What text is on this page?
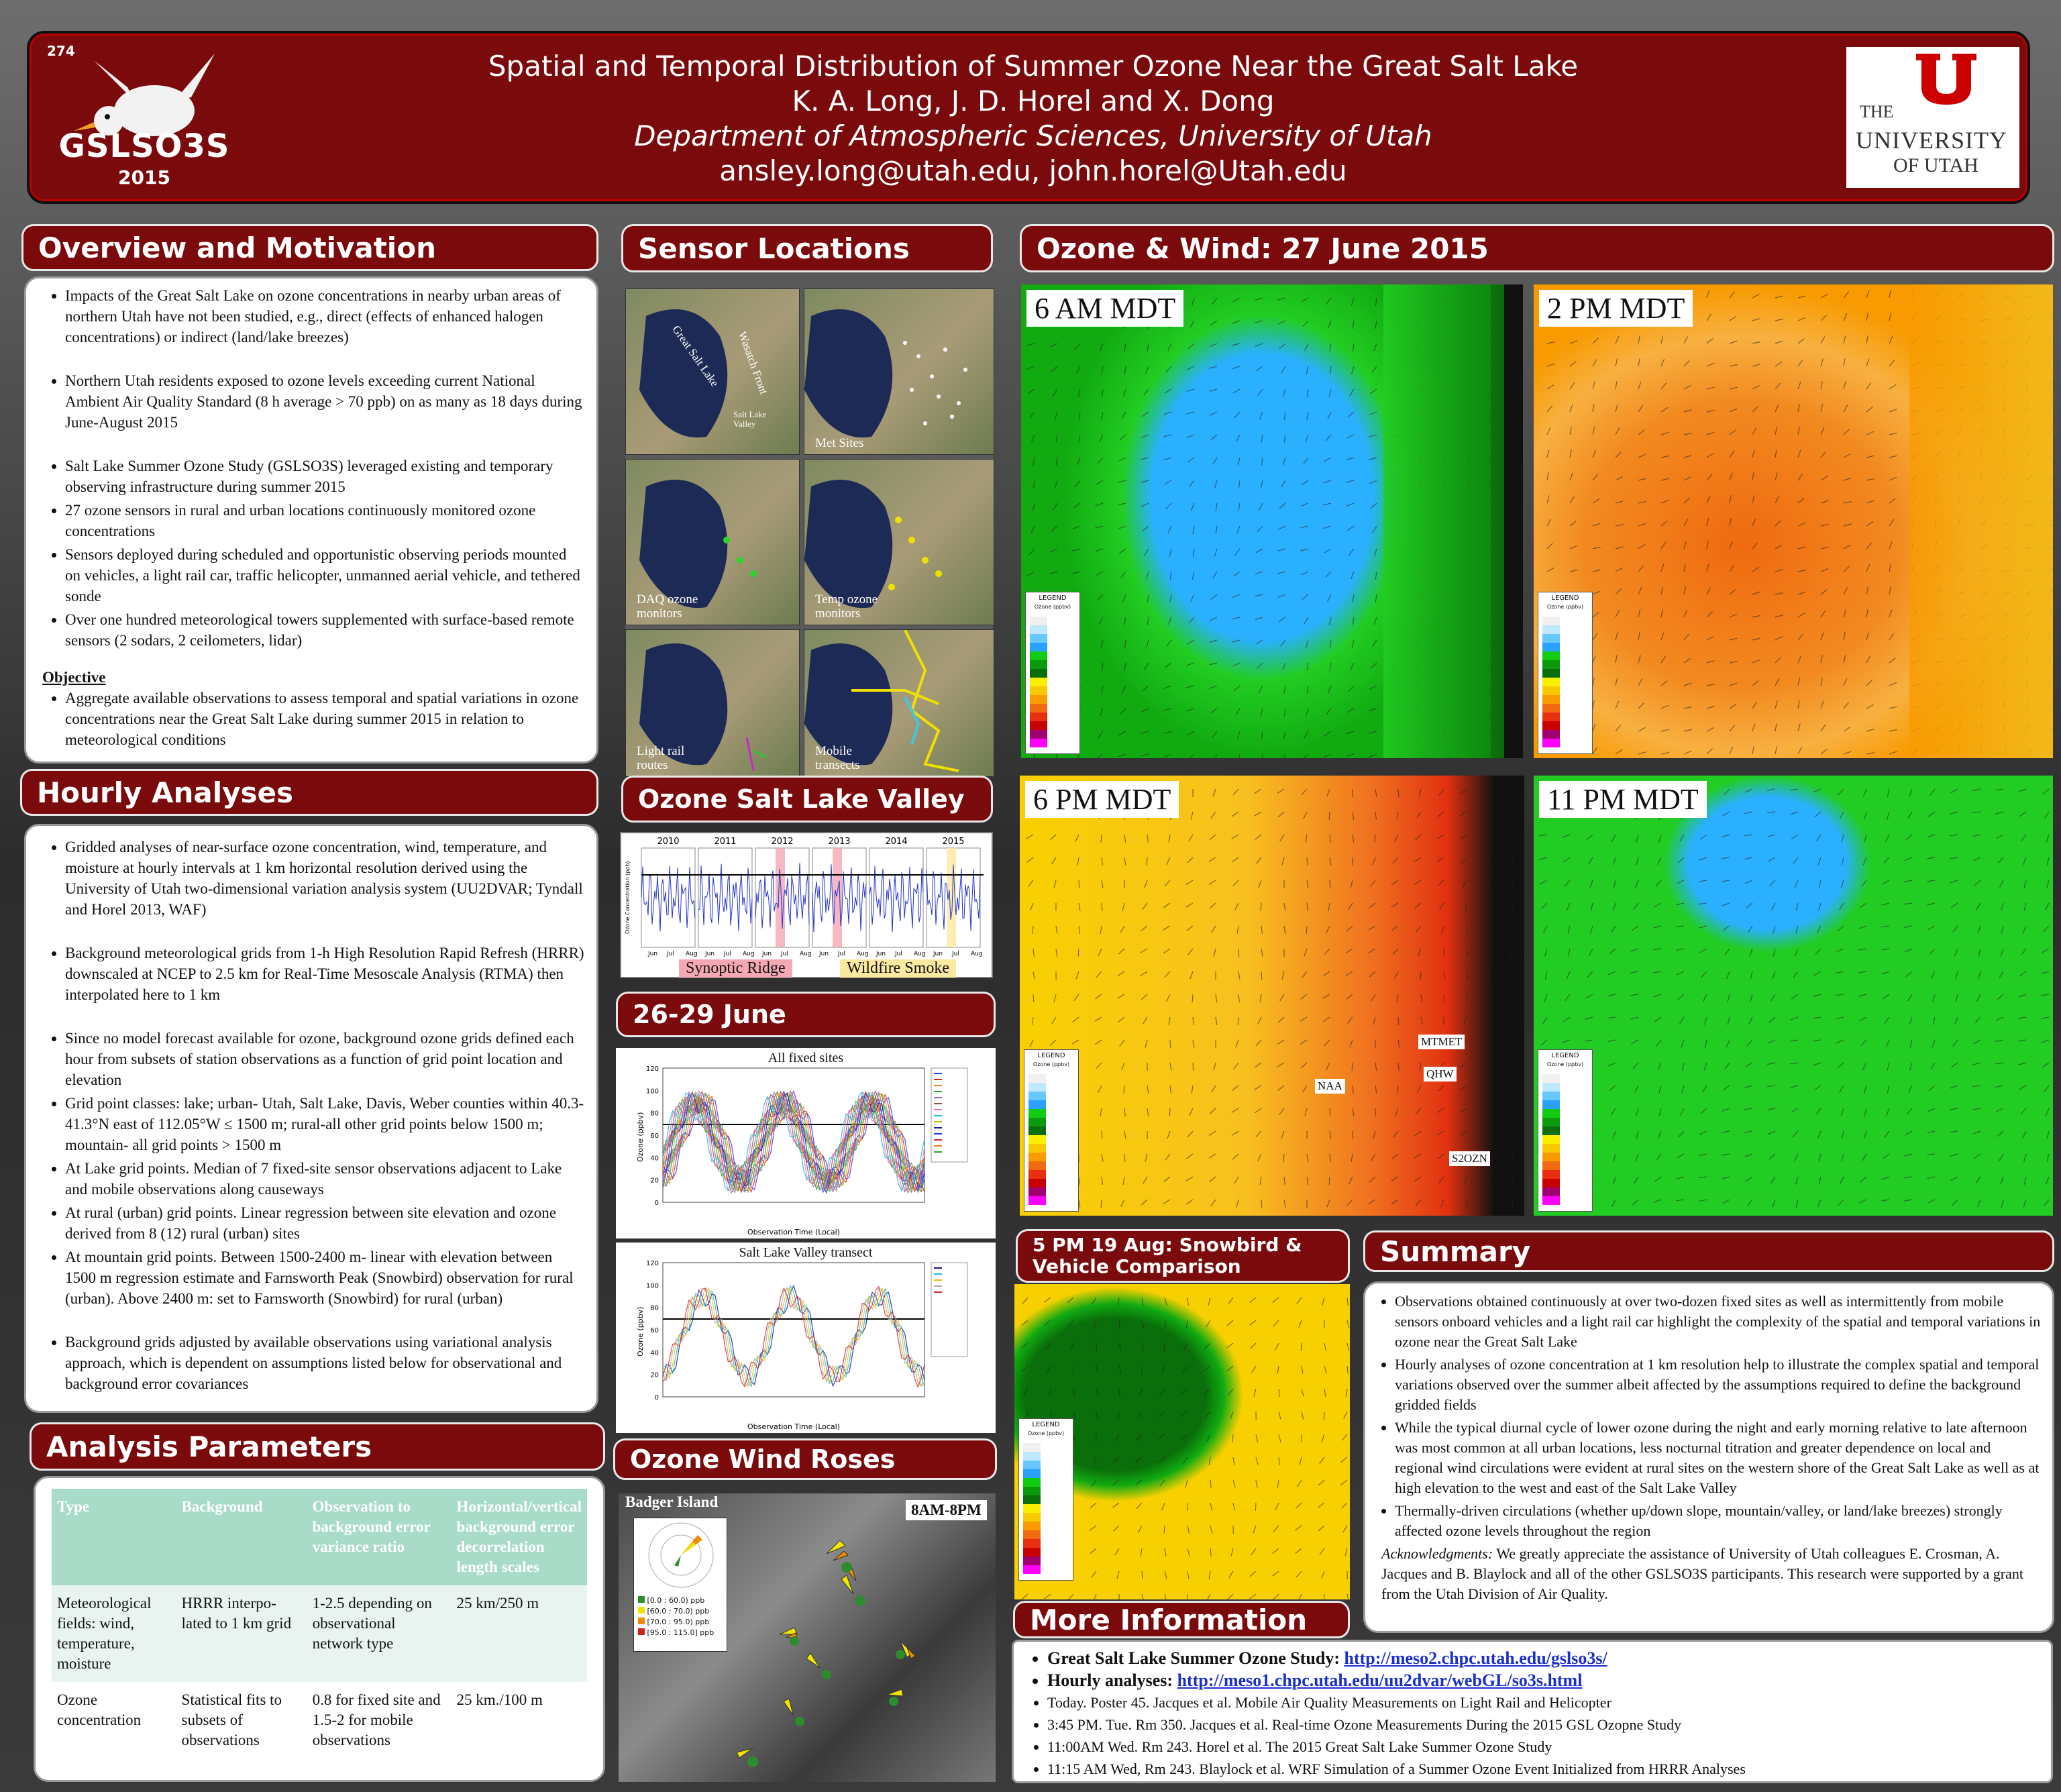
274
GSLSO3S
2015
Spatial and Temporal Distribution of Summer Ozone Near the Great Salt Lake
K. A. Long, J. D. Horel and X. Dong
Department of Atmospheric Sciences, University of Utah
ansley.long@utah.edu, john.horel@Utah.edu
THE
UNIVERSITY
OF UTAH
Overview and Motivation
• Impacts of the Great Salt Lake on ozone concentrations in nearby urban areas of northern Utah have not been studied, e.g., direct (effects of enhanced halogen concentrations) or indirect (land/lake breezes)
• Northern Utah residents exposed to ozone levels exceeding current National Ambient Air Quality Standard (8 h average > 70 ppb) on as many as 18 days during June-August 2015
• Salt Lake Summer Ozone Study (GSLSO3S) leveraged existing and temporary observing infrastructure during summer 2015
• 27 ozone sensors in rural and urban locations continuously monitored ozone concentrations
• Sensors deployed during scheduled and opportunistic observing periods mounted on vehicles, a light rail car, traffic helicopter, unmanned aerial vehicle, and tethered sonde
• Over one hundred meteorological towers supplemented with surface-based remote sensors (2 sodars, 2 ceilometers, lidar)
Objective
• Aggregate available observations to assess temporal and spatial variations in ozone concentrations near the Great Salt Lake during summer 2015 in relation to meteorological conditions
Hourly Analyses
• Gridded analyses of near-surface ozone concentration, wind, temperature, and moisture at hourly intervals at 1 km horizontal resolution derived using the University of Utah two-dimensional variation analysis system (UU2DVAR; Tyndall and Horel 2013, WAF)
• Background meteorological grids from 1-h High Resolution Rapid Refresh (HRRR) downscaled at NCEP to 2.5 km for Real-Time Mesoscale Analysis (RTMA) then interpolated here to 1 km
• Since no model forecast available for ozone, background ozone grids defined each hour from subsets of station observations as a function of grid point location and elevation
• Grid point classes: lake; urban- Utah, Salt Lake, Davis, Weber counties within 40.3-41.3°N east of 112.05°W ≤ 1500 m; rural-all other grid points below 1500 m; mountain- all grid points > 1500 m
• At Lake grid points. Median of 7 fixed-site sensor observations adjacent to Lake and mobile observations along causeways
• At rural (urban) grid points. Linear regression between site elevation and ozone derived from 8 (12) rural (urban) sites
• At mountain grid points. Between 1500-2400 m- linear with elevation between 1500 m regression estimate and Farnsworth Peak (Snowbird) observation for rural (urban). Above 2400 m: set to Farnsworth (Snowbird) for rural (urban)
• Background grids adjusted by available observations using variational analysis approach, which is dependent on assumptions listed below for observational and background error covariances
Analysis Parameters
Type	Background	Observation to background error variance ratio	Horizontal/vertical background error decorrelation length scales
Meteorological fields: wind, temperature, moisture	HRRR interpo-lated to 1 km grid	1-2.5 depending on observational network type	25 km/250 m
Ozone concentration	Statistical fits to subsets of observations	0.8 for fixed site and 1.5-2 for mobile observations	25 km./100 m
Sensor Locations
Great Salt Lake Wasatch Front
Salt Lake Valley
Met Sites
DAQ ozone monitors
Temp ozone monitors
Light rail routes
Mobile transects
Ozone Salt Lake Valley
2010
Jun Jul Aug
2011
Jun Jul Aug
2012
Jun Jul Aug
2013
Jun Jul Aug
2014
Jun Jul Aug
2015
Jun Jul Aug
Ozone Concentration (ppb)
Synoptic Ridge	Wildfire Smoke
26-29 June
All fixed sites
120
100
80
60
40
20
0
Ozone (ppbv)
Observation Time (Local)
Salt Lake Valley transect
120
100
80
60
40
20
0
Ozone (ppbv)
Observation Time (Local)
Ozone Wind Roses
Badger Island	8AM-8PM
[0.0 : 60.0) ppb
[60.0 : 70.0) ppb
[70.0 : 95.0) ppb
[95.0 : 115.0] ppb
Ozone & Wind: 27 June 2015
6 AM MDT
LEGEND
Ozone (ppbv)
2 PM MDT
LEGEND
Ozone (ppbv)
6 PM MDT
MTMET
QHW
NAA
S2OZN
LEGEND
Ozone (ppbv)
11 PM MDT
LEGEND
Ozone (ppbv)
5 PM 19 Aug: Snowbird & Vehicle Comparison
LEGEND
Ozone (ppbv)
Summary
• Observations obtained continuously at over two-dozen fixed sites as well as intermittently from mobile sensors onboard vehicles and a light rail car highlight the complexity of the spatial and temporal variations in ozone near the Great Salt Lake
• Hourly analyses of ozone concentration at 1 km resolution help to illustrate the complex spatial and temporal variations observed over the summer albeit affected by the assumptions required to define the background gridded fields
• While the typical diurnal cycle of lower ozone during the night and early morning relative to late afternoon was most common at all urban locations, less nocturnal titration and greater dependence on local and regional wind circulations were evident at rural sites on the western shore of the Great Salt Lake as well as at high elevation to the west and east of the Salt Lake Valley
• Thermally-driven circulations (whether up/down slope, mountain/valley, or land/lake breezes) strongly affected ozone levels throughout the region
Acknowledgments: We greatly appreciate the assistance of University of Utah colleagues E. Crosman, A. Jacques and B. Blaylock and all of the other GSLSO3S participants. This research were supported by a grant from the Utah Division of Air Quality.
More Information
• Great Salt Lake Summer Ozone Study: http://meso2.chpc.utah.edu/gslso3s/
• Hourly analyses: http://meso1.chpc.utah.edu/uu2dvar/webGL/so3s.html
• Today. Poster 45. Jacques et al. Mobile Air Quality Measurements on Light Rail and Helicopter
• 3:45 PM. Tue. Rm 350. Jacques et al. Real-time Ozone Measurements During the 2015 GSL Ozopne Study
• 11:00AM Wed. Rm 243. Horel et al. The 2015 Great Salt Lake Summer Ozone Study
• 11:15 AM Wed, Rm 243. Blaylock et al. WRF Simulation of a Summer Ozone Event Initialized from HRRR Analyses
